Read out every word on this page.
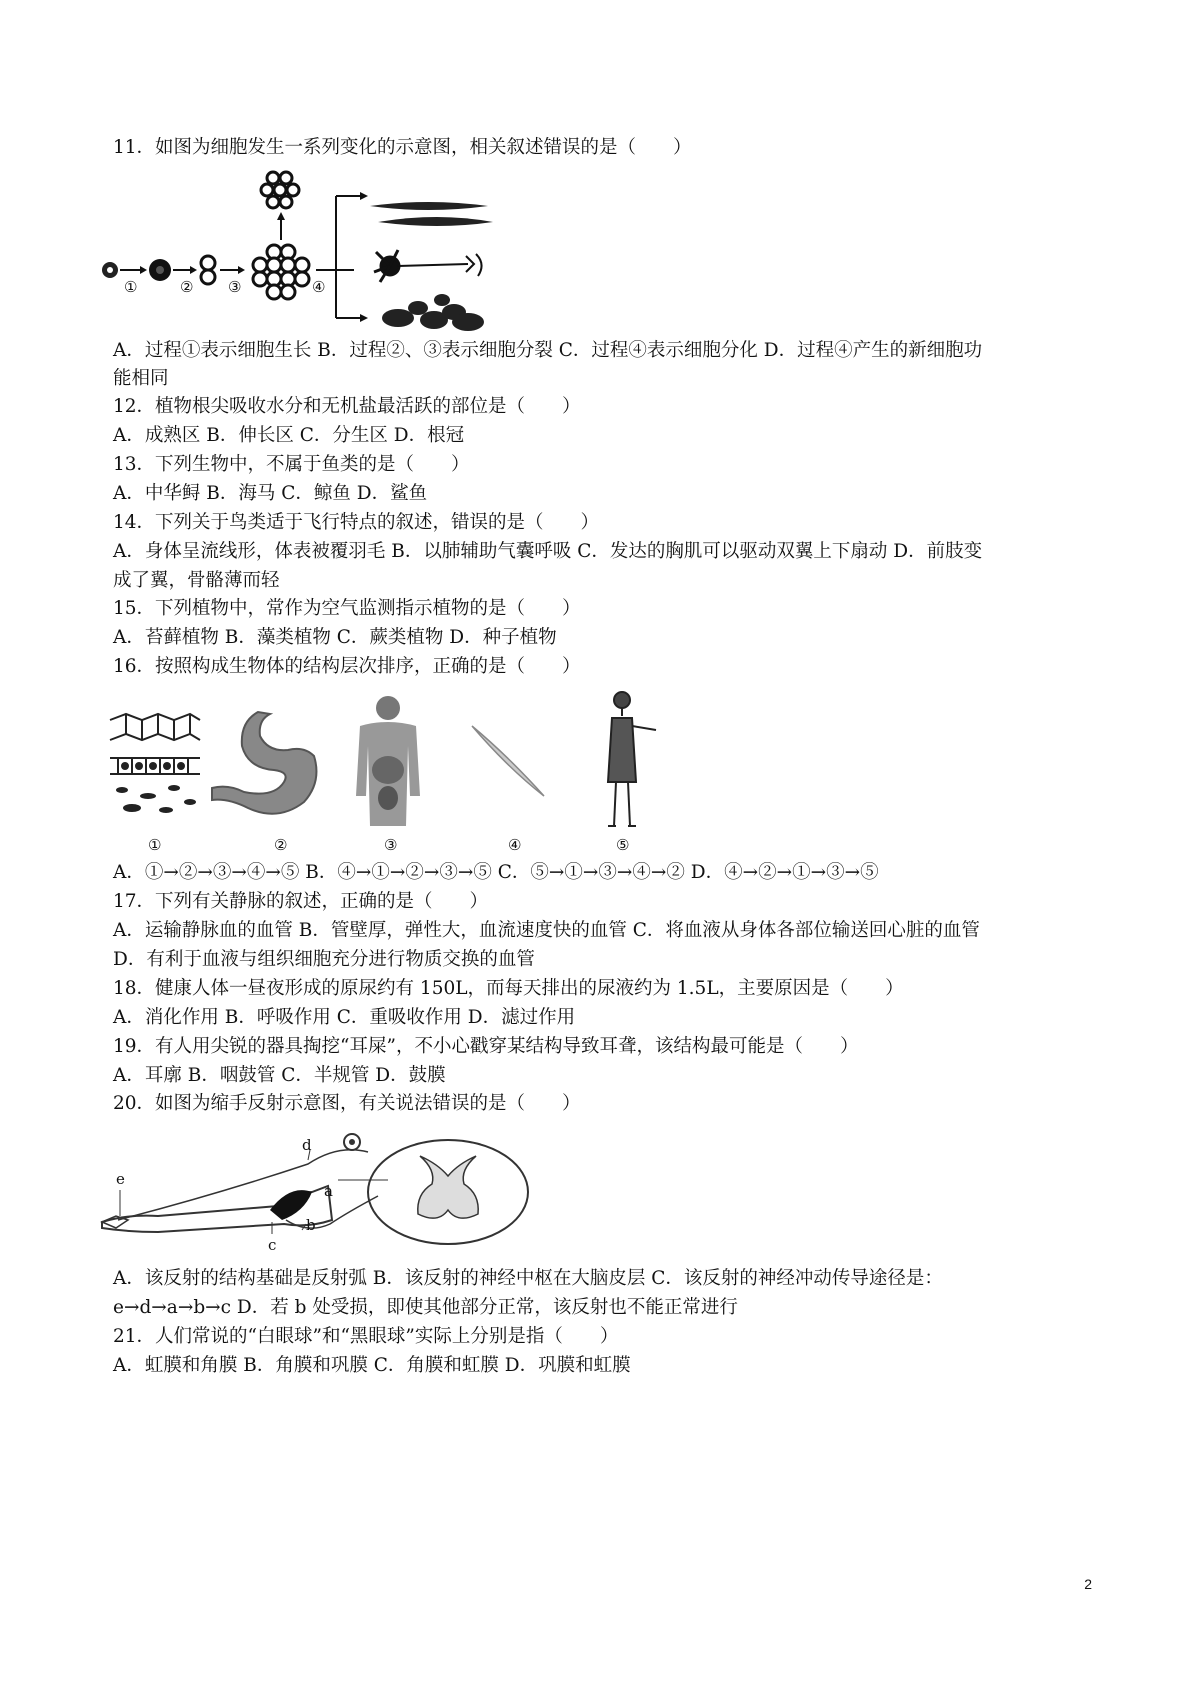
11．如图为细胞发生一系列变化的示意图，相关叙述错误的是（　　）
①	② ③	④
A．过程①表示细胞生长 B．过程②、③表示细胞分裂 C．过程④表示细胞分化 D．过程④产生的新细胞功
能相同
12．植物根尖吸收水分和无机盐最活跃的部位是（　　）
A．成熟区 B．伸长区 C．分生区 D．根冠
13．下列生物中，不属于鱼类的是（　　）
A．中华鲟 B．海马 C．鲸鱼 D．鲨鱼
14．下列关于鸟类适于飞行特点的叙述，错误的是（　　）
A．身体呈流线形，体表被覆羽毛 B．以肺辅助气囊呼吸 C．发达的胸肌可以驱动双翼上下扇动 D．前肢变
成了翼，骨骼薄而轻
15．下列植物中，常作为空气监测指示植物的是（　　）
A．苔藓植物 B．藻类植物 C．蕨类植物 D．种子植物
16．按照构成生物体的结构层次排序，正确的是（　　）
①	②	③	④	⑤
A．①→②→③→④→⑤ B．④→①→②→③→⑤ C．⑤→①→③→④→② D．④→②→①→③→⑤
17．下列有关静脉的叙述，正确的是（　　）
A．运输静脉血的血管 B．管壁厚，弹性大，血流速度快的血管 C．将血液从身体各部位输送回心脏的血管
D．有利于血液与组织细胞充分进行物质交换的血管
18．健康人体一昼夜形成的原尿约有 150L，而每天排出的尿液约为 1.5L，主要原因是（　　）
A．消化作用 B．呼吸作用 C．重吸收作用 D．滤过作用
19．有人用尖锐的器具掏挖“耳屎”，不小心戳穿某结构导致耳聋，该结构最可能是（　　）
A．耳廓 B．咽鼓管 C．半规管 D．鼓膜
20．如图为缩手反射示意图，有关说法错误的是（　　）
d
e
a
b
c
A．该反射的结构基础是反射弧 B．该反射的神经中枢在大脑皮层 C．该反射的神经冲动传导途径是：
e→d→a→b→c D．若 b 处受损，即使其他部分正常，该反射也不能正常进行
21．人们常说的“白眼球”和“黑眼球”实际上分别是指（　　）
A．虹膜和角膜 B．角膜和巩膜 C．角膜和虹膜 D．巩膜和虹膜
2
